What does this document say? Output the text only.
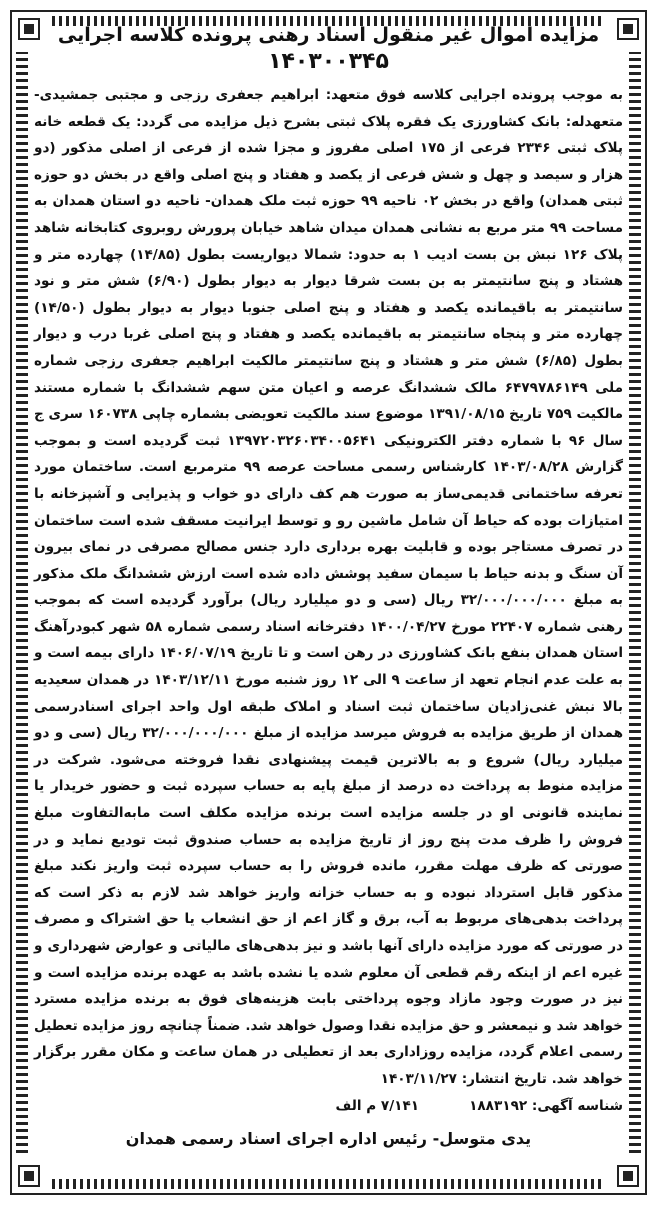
مزایده اموال غیر منقول اسناد رهنی پرونده کلاسه اجرایی

۱۴۰۳۰۰۳۴۵

به موجب پرونده اجرایی کلاسه فوق متعهد: ابراهیم جعفری رزجی و مجتبی جمشیدی- متعهدله: بانک کشاورزی یک فقره پلاک ثبتی بشرح ذیل مزایده می گردد: یک قطعه خانه پلاک ثبتی ۲۳۴۶ فرعی از ۱۷۵ اصلی مفروز و مجزا شده از فرعی از اصلی مذکور (دو هزار و سیصد و چهل و شش فرعی از یکصد و هفتاد و پنج اصلی واقع در بخش دو حوزه ثبتی همدان) واقع در بخش ۰۲ ناحیه ۹۹ حوزه ثبت ملک همدان- ناحیه دو استان همدان به مساحت ۹۹ متر مربع به نشانی همدان میدان شاهد خیابان پرورش روبروی کتابخانه شاهد پلاک ۱۲۶ نبش بن بست ادیب ۱ به حدود: شمالا دیواریست بطول (۱۴/۸۵) چهارده متر و هشتاد و پنج سانتیمتر به بن بست شرقا دیوار به دیوار بطول (۶/۹۰) شش متر و نود سانتیمتر به باقیمانده یکصد و هفتاد و پنج اصلی جنوبا دیوار به دیوار بطول (۱۴/۵۰) چهارده متر و پنجاه سانتیمتر به باقیمانده یکصد و هفتاد و پنج اصلی غربا درب و دیوار بطول (۶/۸۵) شش متر و هشتاد و پنج سانتیمتر مالکیت ابراهیم جعفری رزجی شماره ملی ۶۴۷۹۷۸۶۱۴۹ مالک ششدانگ عرصه و اعیان متن سهم ششدانگ با شماره مستند مالکیت ۷۵۹ تاریخ ۱۳۹۱/۰۸/۱۵ موضوع سند مالکیت تعویضی بشماره چاپی ۱۶۰۷۳۸ سری ج سال ۹۶ با شماره دفتر الکترونیکی ۱۳۹۷۲۰۳۲۶۰۳۴۰۰۵۶۴۱ ثبت گردیده است و بموجب گزارش ۱۴۰۳/۰۸/۲۸ کارشناس رسمی مساحت عرصه ۹۹ مترمربع است. ساختمان مورد تعرفه ساختمانی قدیمی‌ساز به صورت هم کف دارای دو خواب و پذیرایی و آشپزخانه با امتیازات بوده که حیاط آن شامل ماشین رو و توسط ایرانیت مسقف شده است ساختمان در تصرف مستاجر بوده و قابلیت بهره برداری دارد جنس مصالح مصرفی در نمای بیرون آن سنگ و بدنه حیاط با سیمان سفید پوشش داده شده است ارزش ششدانگ ملک مذکور به مبلغ ۳۲/۰۰۰/۰۰۰/۰۰۰ ریال (سی و دو میلیارد ریال) برآورد گردیده است که بموجب رهنی شماره ۲۲۴۰۷ مورخ ۱۴۰۰/۰۴/۲۷ دفترخانه اسناد رسمی شماره ۵۸ شهر کبودرآهنگ استان همدان بنفع بانک کشاورزی در رهن است و تا تاریخ ۱۴۰۶/۰۷/۱۹ دارای بیمه است و به علت عدم انجام تعهد از ساعت ۹ الی ۱۲ روز شنبه مورخ ۱۴۰۳/۱۲/۱۱ در همدان سعیدیه بالا نبش غنی‌زادیان ساختمان ثبت اسناد و املاک طبقه اول واحد اجرای اسنادرسمی همدان از طریق مزایده به فروش میرسد مزایده از مبلغ ۳۲/۰۰۰/۰۰۰/۰۰۰ ریال (سی و دو میلیارد ریال) شروع و به بالاترین قیمت پیشنهادی نقدا فروخته می‌شود. شرکت در مزایده منوط به پرداخت ده درصد از مبلغ پایه به حساب سپرده ثبت و حضور خریدار یا نماینده قانونی او در جلسه مزایده است برنده مزایده مکلف است مابه‌التفاوت مبلغ فروش را ظرف مدت پنج روز از تاریخ مزایده به حساب صندوق ثبت تودیع نماید و در صورتی که ظرف مهلت مقرر، مانده فروش را به حساب سپرده ثبت واریز نکند مبلغ مذکور قابل استرداد نبوده و به حساب خزانه واریز خواهد شد لازم به ذکر است که پرداخت بدهی‌های مربوط به آب، برق و گاز اعم از حق انشعاب یا حق اشتراک و مصرف در صورتی که مورد مزایده دارای آنها باشد و نیز بدهی‌های مالیاتی و عوارض شهرداری و غیره اعم از اینکه رقم قطعی آن معلوم شده یا نشده باشد به عهده برنده مزایده است و نیز در صورت وجود مازاد وجوه پرداختی بابت هزینه‌های فوق به برنده مزایده مسترد خواهد شد و نیمعشر و حق مزایده نقدا وصول خواهد شد. ضمناً چنانچه روز مزایده تعطیل رسمی اعلام گردد، مزایده روزاداری بعد از تعطیلی در همان ساعت و مکان مقرر برگزار خواهد شد. تاریخ انتشار: ۱۴۰۳/۱۱/۲۷

شناسه آگهی: ۱۸۸۳۱۹۲
۷/۱۴۱ م الف
یدی متوسل- رئیس اداره اجرای اسناد رسمی همدان
